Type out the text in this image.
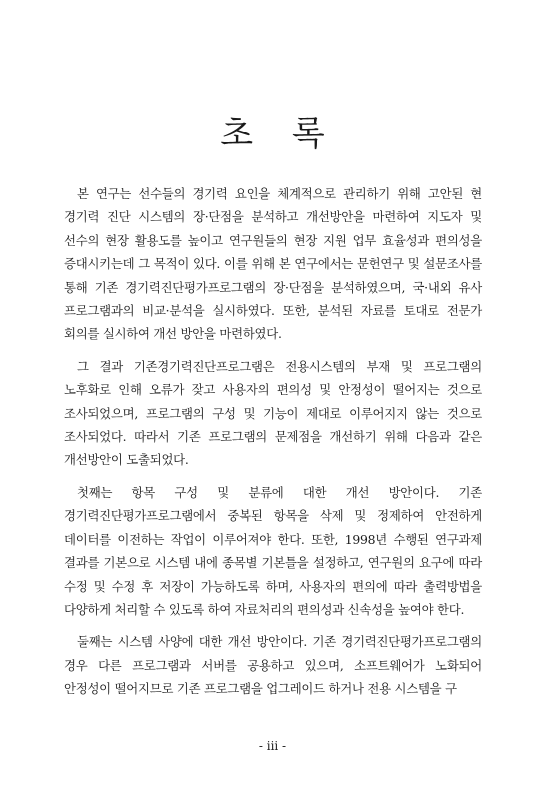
초 록

본 연구는 선수들의 경기력 요인을 체계적으로 관리하기 위해 고안된 현 경기력 진단 시스템의 장·단점을 분석하고 개선방안을 마련하여 지도자 및 선수의 현장 활용도를 높이고 연구원들의 현장 지원 업무 효율성과 편의성을 증대시키는데 그 목적이 있다. 이를 위해 본 연구에서는 문헌연구 및 설문조사를 통해 기존 경기력진단평가프로그램의 장·단점을 분석하였으며, 국·내외 유사 프로그램과의 비교·분석을 실시하였다. 또한, 분석된 자료를 토대로 전문가 회의를 실시하여 개선 방안을 마련하였다.

그 결과 기존경기력진단프로그램은 전용시스템의 부재 및 프로그램의 노후화로 인해 오류가 잦고 사용자의 편의성 및 안정성이 떨어지는 것으로 조사되었으며, 프로그램의 구성 및 기능이 제대로 이루어지지 않는 것으로 조사되었다. 따라서 기존 프로그램의 문제점을 개선하기 위해 다음과 같은 개선방안이 도출되었다.

첫째는 항목 구성 및 분류에 대한 개선 방안이다. 기존 경기력진단평가프로그램에서 중복된 항목을 삭제 및 정제하여 안전하게 데이터를 이전하는 작업이 이루어져야 한다. 또한, 1998년 수행된 연구과제 결과를 기본으로 시스템 내에 종목별 기본틀을 설정하고, 연구원의 요구에 따라 수정 및 수정 후 저장이 가능하도록 하며, 사용자의 편의에 따라 출력방법을 다양하게 처리할 수 있도록 하여 자료처리의 편의성과 신속성을 높여야 한다.

둘째는 시스템 사양에 대한 개선 방안이다. 기존 경기력진단평가프로그램의 경우 다른 프로그램과 서버를 공용하고 있으며, 소프트웨어가 노화되어 안정성이 떨어지므로 기존 프로그램을 업그레이드 하거나 전용 시스템을 구

- iii -
